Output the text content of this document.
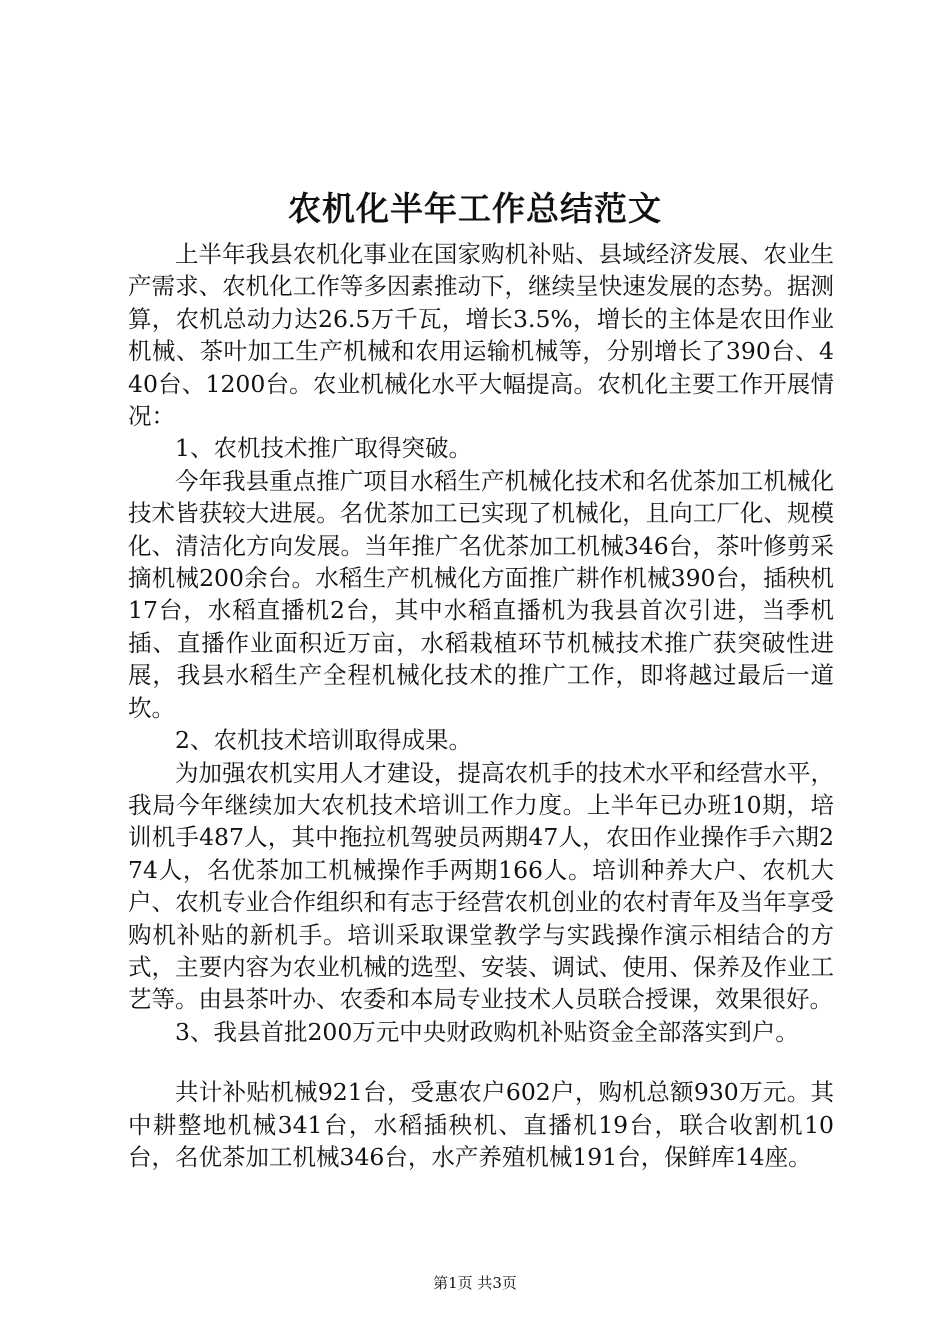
农机化半年工作总结范文

上半年我县农机化事业在国家购机补贴、县域经济发展、农业生产需求、农机化工作等多因素推动下，继续呈快速发展的态势。据测算，农机总动力达26.5万千瓦，增长3.5%，增长的主体是农田作业机械、茶叶加工生产机械和农用运输机械等，分别增长了390台、440台、1200台。农业机械化水平大幅提高。农机化主要工作开展情况：

1、农机技术推广取得突破。

今年我县重点推广项目水稻生产机械化技术和名优茶加工机械化技术皆获较大进展。名优茶加工已实现了机械化，且向工厂化、规模化、清洁化方向发展。当年推广名优茶加工机械346台，茶叶修剪采摘机械200余台。水稻生产机械化方面推广耕作机械390台，插秧机17台，水稻直播机2台，其中水稻直播机为我县首次引进，当季机插、直播作业面积近万亩，水稻栽植环节机械技术推广获突破性进展，我县水稻生产全程机械化技术的推广工作，即将越过最后一道坎。

2、农机技术培训取得成果。

为加强农机实用人才建设，提高农机手的技术水平和经营水平，我局今年继续加大农机技术培训工作力度。上半年已办班10期，培训机手487人，其中拖拉机驾驶员两期47人，农田作业操作手六期274人，名优茶加工机械操作手两期166人。培训种养大户、农机大户、农机专业合作组织和有志于经营农机创业的农村青年及当年享受购机补贴的新机手。培训采取课堂教学与实践操作演示相结合的方式，主要内容为农业机械的选型、安装、调试、使用、保养及作业工艺等。由县茶叶办、农委和本局专业技术人员联合授课，效果很好。

3、我县首批200万元中央财政购机补贴资金全部落实到户。

共计补贴机械921台，受惠农户602户，购机总额930万元。其中耕整地机械341台，水稻插秧机、直播机19台，联合收割机10台，名优茶加工机械346台，水产养殖机械191台，保鲜库14座。

第1页 共3页
